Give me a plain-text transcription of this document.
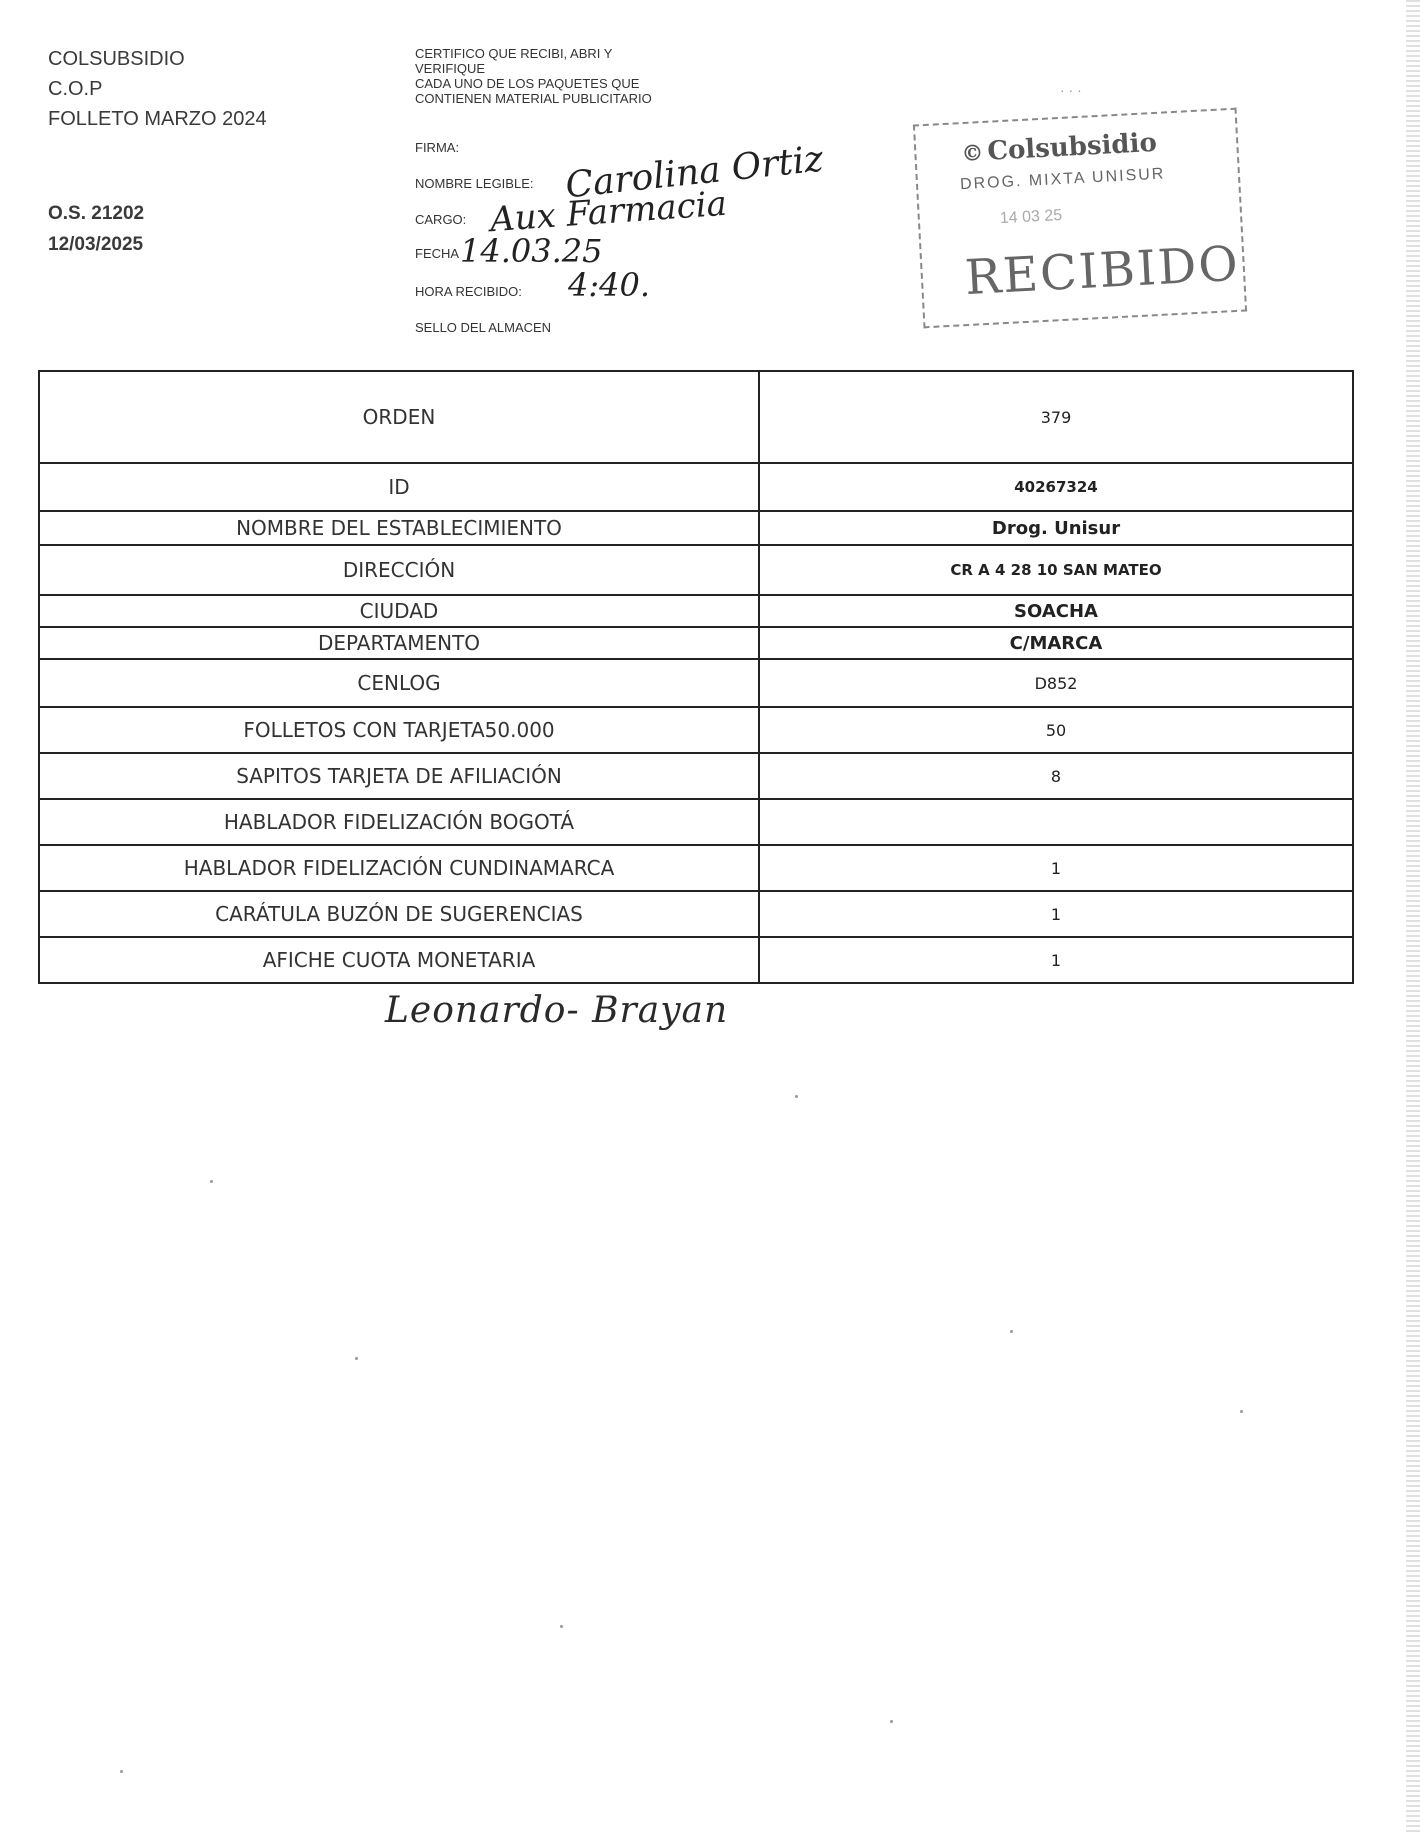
COLSUBSIDIO
C.O.P
FOLLETO MARZO 2024
O.S. 21202
12/03/2025
CERTIFICO QUE RECIBI, ABRI Y
VERIFIQUE
CADA UNO DE LOS PAQUETES QUE
CONTIENEN MATERIAL PUBLICITARIO
FIRMA:
NOMBRE LEGIBLE: Carolina Ortiz
CARGO: Aux Farmacia
FECHA 14.03.25
HORA RECIBIDO: 4:40.
SELLO DEL ALMACEN
· · ·
©Colsubsidio
DROG. MIXTA UNISUR
14 03 25
RECIBIDO
ORDEN	379
ID	40267324
NOMBRE DEL ESTABLECIMIENTO	Drog. Unisur
DIRECCIÓN	CR A 4 28 10 SAN MATEO
CIUDAD	SOACHA
DEPARTAMENTO	C/MARCA
CENLOG	D852
FOLLETOS CON TARJETA50.000	50
SAPITOS TARJETA DE AFILIACIÓN	8
HABLADOR FIDELIZACIÓN BOGOTÁ	
HABLADOR FIDELIZACIÓN CUNDINAMARCA	1
CARÁTULA BUZÓN DE SUGERENCIAS	1
AFICHE CUOTA MONETARIA	1
Leonardo- Brayan
